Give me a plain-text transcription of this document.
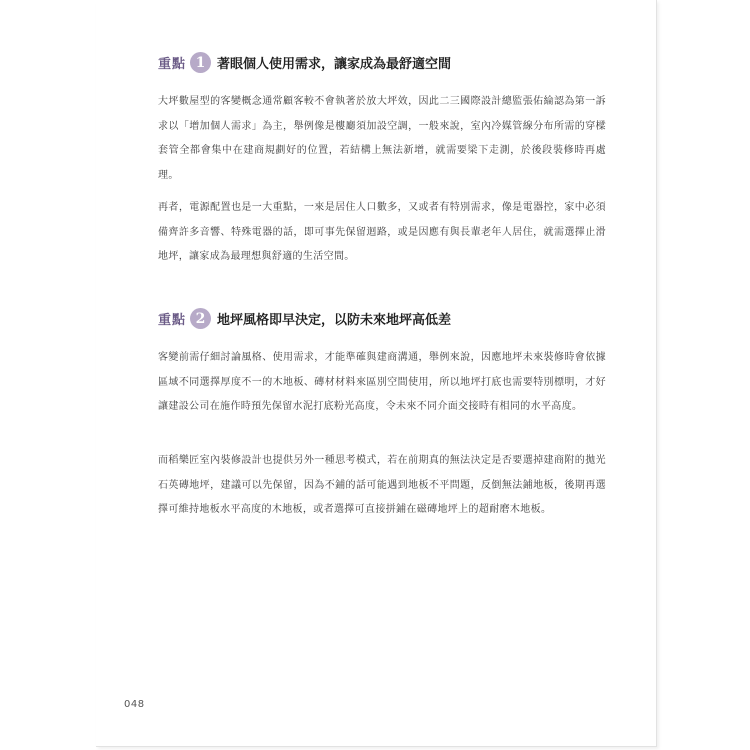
重點 1 著眼個人使用需求，讓家成為最舒適空間

大坪數屋型的客變概念通常顧客較不會執著於放大坪效，因此二三國際設計總監張佑綸認為第一訴求以「增加個人需求」為主，舉例像是樓廳須加設空調，一般來說，室內冷媒管線分布所需的穿樑套管全都會集中在建商規劃好的位置，若結構上無法新增，就需要梁下走測，於後段裝修時再處理。

再者，電源配置也是一大重點，一來是居住人口數多，又或者有特別需求，像是電器控，家中必須備齊許多音響、特殊電器的話，即可事先保留迴路，或是因應有與長輩老年人居住，就需選擇止滑地坪，讓家成為最理想與舒適的生活空間。

重點 2 地坪風格即早決定，以防未來地坪高低差

客變前需仔細討論風格、使用需求，才能準確與建商溝通，舉例來說，因應地坪未來裝修時會依據區域不同選擇厚度不一的木地板、磚材材料來區別空間使用，所以地坪打底也需要特別標明，才好讓建設公司在施作時預先保留水泥打底粉光高度，令未來不同介面交接時有相同的水平高度。

而稻樂匠室內裝修設計也提供另外一種思考模式，若在前期真的無法決定是否要選掉建商附的拋光石英磚地坪，建議可以先保留，因為不鋪的話可能遇到地板不平問題，反倒無法鋪地板，後期再選擇可維持地板水平高度的木地板，或者選擇可直接拼鋪在磁磚地坪上的超耐磨木地板。

048
